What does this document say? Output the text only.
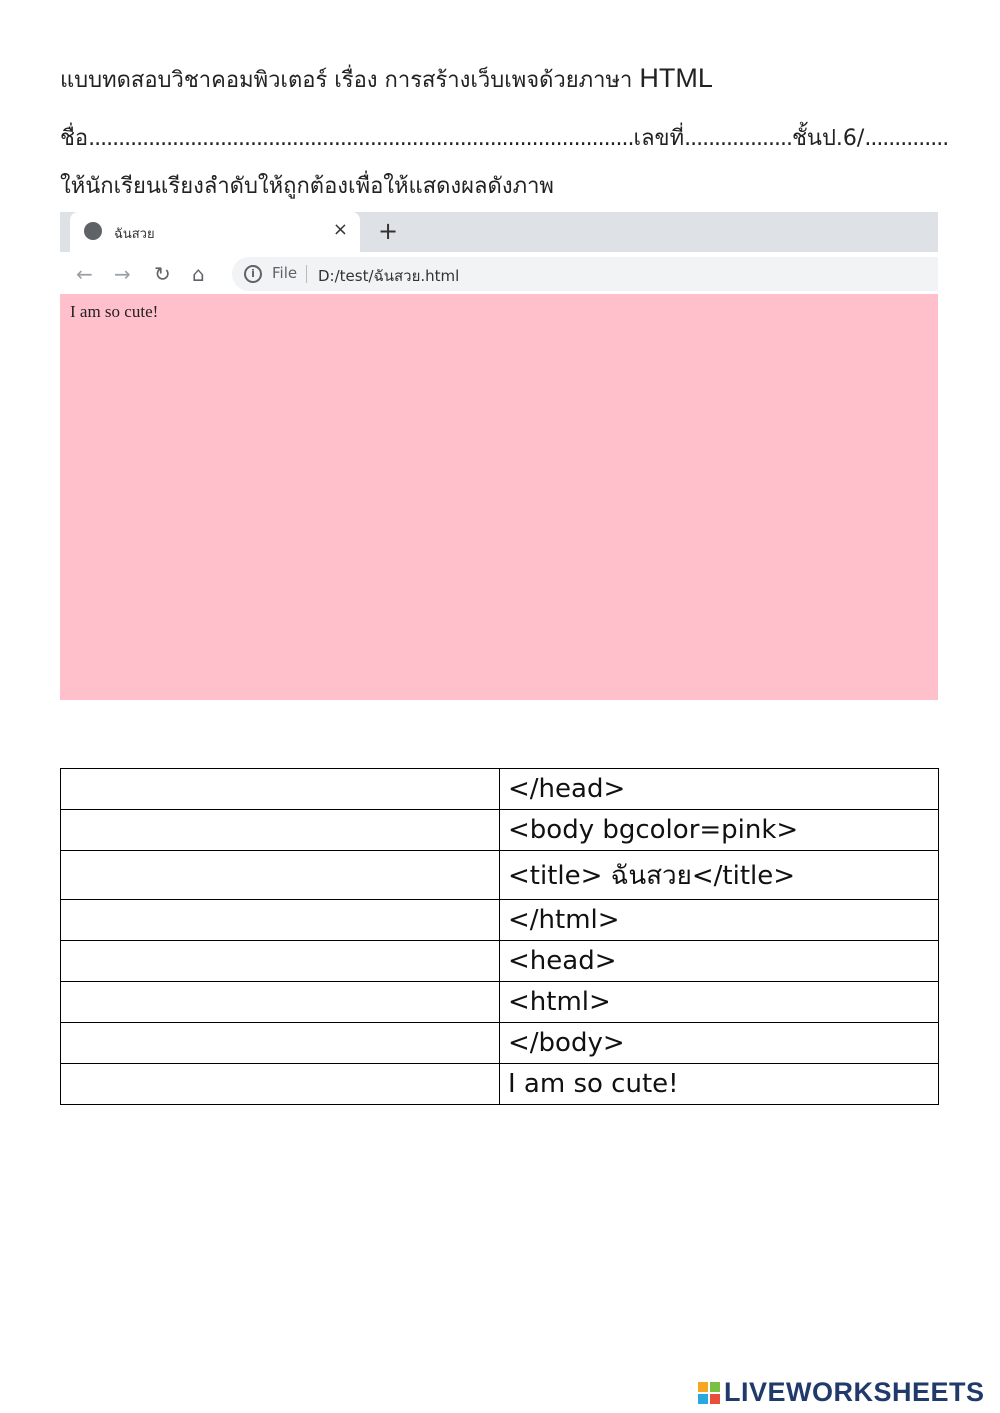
แบบทดสอบวิชาคอมพิวเตอร์ เรื่อง การสร้างเว็บเพจด้วยภาษา HTML
ชื่อ...........................................................................................เลขที่..................ชั้นป.6/..............
ให้นักเรียนเรียงลำดับให้ถูกต้องเพื่อให้แสดงผลดังภาพ
ฉันสวย	× +
← → ↻ ⌂	i	File D:/test/ฉันสวย.html
I am so cute!
	</head>
	<body bgcolor=pink>
	<title> ฉันสวย</title>
	</html>
	<head>
	<html>
	</body>
	I am so cute!
LIVEWORKSHEETS
